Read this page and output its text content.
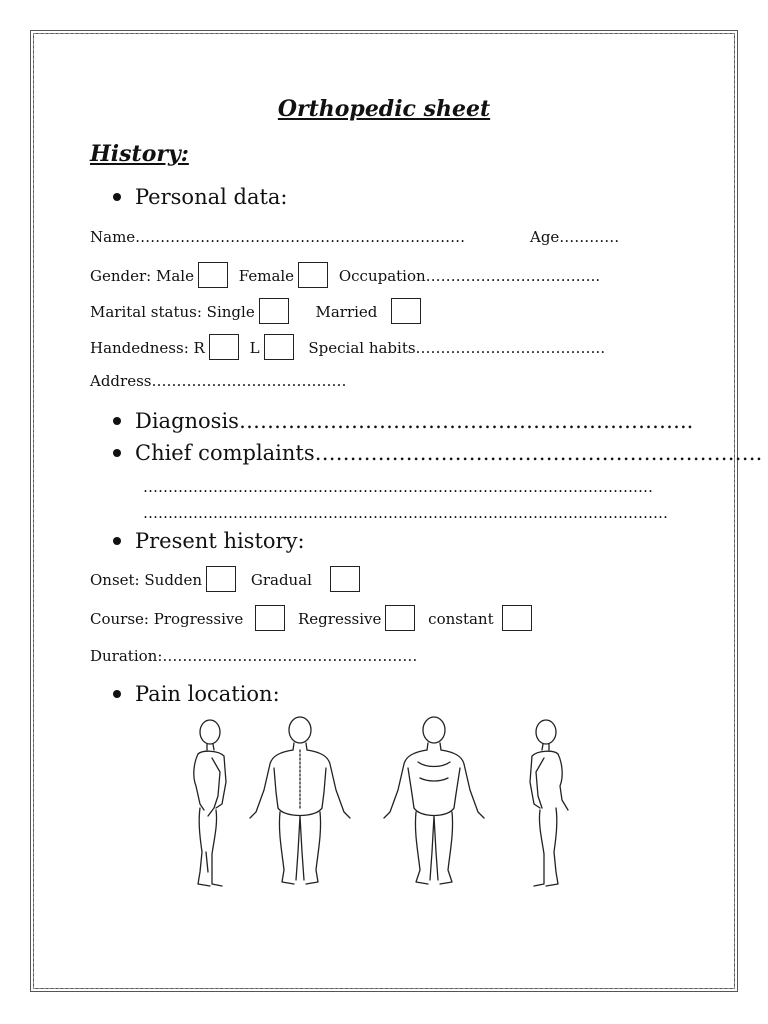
Orthopedic sheet
History:
Personal data:
Name…………………………………………………………	Age…………
Gender: Male	Female	Occupation……………………………..
Marital status: Single	Married
Handedness: R	L	Special habits………………………………..
Address…………………………………
Diagnosis………………………………………………………..
Chief complaints……………………………………………………….
…………………………………………………………………………………………
……………………………………………………………………………………………
Present history:
Onset: Sudden	Gradual
Course: Progressive	Regressive	constant
Duration:……………………………………………
Pain location:
